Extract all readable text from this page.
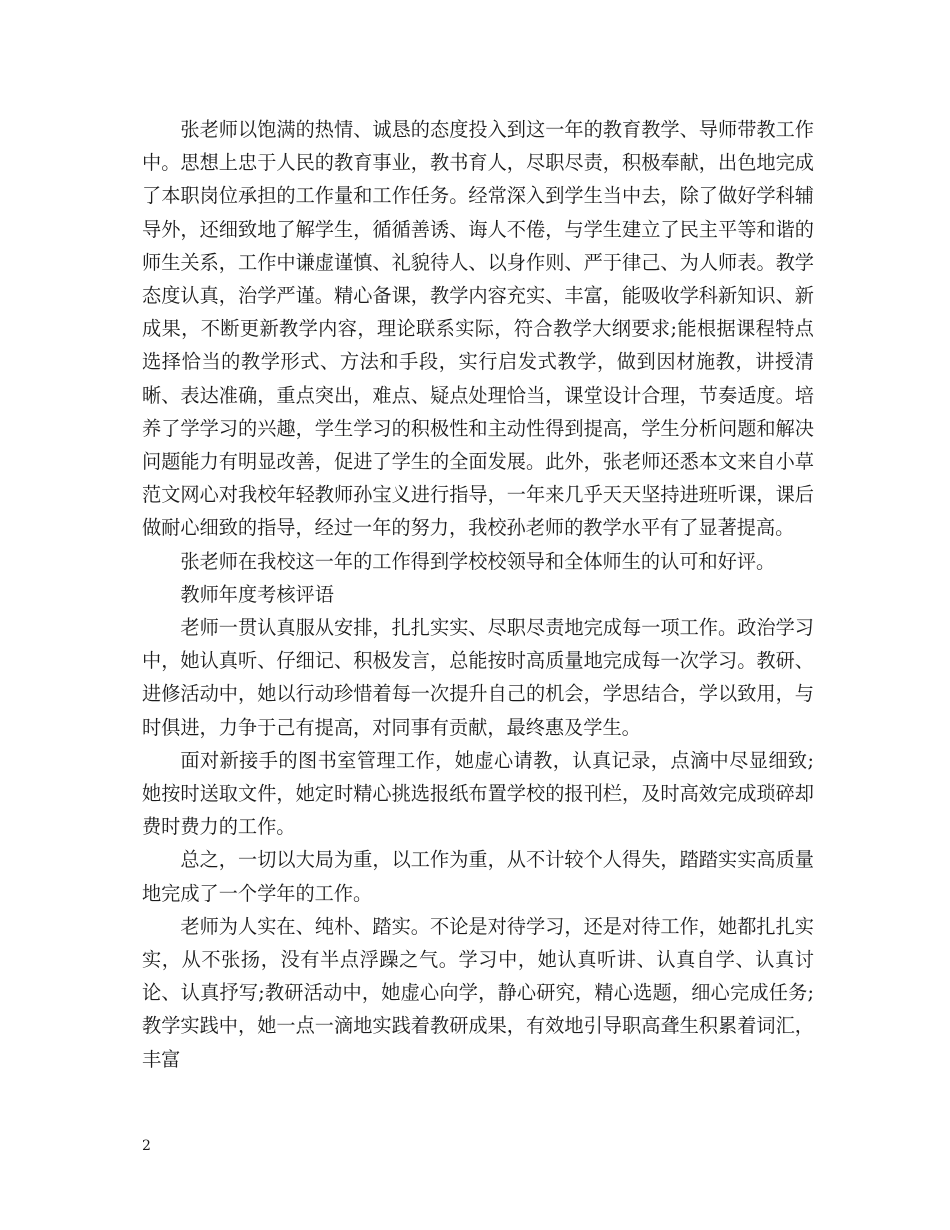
张老师以饱满的热情、诚恳的态度投入到这一年的教育教学、导师带教工作中。思想上忠于人民的教育事业，教书育人，尽职尽责，积极奉献，出色地完成了本职岗位承担的工作量和工作任务。经常深入到学生当中去，除了做好学科辅导外，还细致地了解学生，循循善诱、诲人不倦，与学生建立了民主平等和谐的师生关系，工作中谦虚谨慎、礼貌待人、以身作则、严于律己、为人师表。教学态度认真，治学严谨。精心备课，教学内容充实、丰富，能吸收学科新知识、新成果，不断更新教学内容，理论联系实际，符合教学大纲要求;能根据课程特点选择恰当的教学形式、方法和手段，实行启发式教学，做到因材施教，讲授清晰、表达准确，重点突出，难点、疑点处理恰当，课堂设计合理，节奏适度。培养了学学习的兴趣，学生学习的积极性和主动性得到提高，学生分析问题和解决问题能力有明显改善，促进了学生的全面发展。此外，张老师还悉本文来自小草范文网心对我校年轻教师孙宝义进行指导，一年来几乎天天坚持进班听课，课后做耐心细致的指导，经过一年的努力，我校孙老师的教学水平有了显著提高。

张老师在我校这一年的工作得到学校校领导和全体师生的认可和好评。

教师年度考核评语

老师一贯认真服从安排，扎扎实实、尽职尽责地完成每一项工作。政治学习中，她认真听、仔细记、积极发言，总能按时高质量地完成每一次学习。教研、进修活动中，她以行动珍惜着每一次提升自己的机会，学思结合，学以致用，与时俱进，力争于己有提高，对同事有贡献，最终惠及学生。

面对新接手的图书室管理工作，她虚心请教，认真记录，点滴中尽显细致;她按时送取文件，她定时精心挑选报纸布置学校的报刊栏，及时高效完成琐碎却费时费力的工作。

总之，一切以大局为重，以工作为重，从不计较个人得失，踏踏实实高质量地完成了一个学年的工作。

老师为人实在、纯朴、踏实。不论是对待学习，还是对待工作，她都扎扎实实，从不张扬，没有半点浮躁之气。学习中，她认真听讲、认真自学、认真讨论、认真抒写;教研活动中，她虚心向学，静心研究，精心选题，细心完成任务;教学实践中，她一点一滴地实践着教研成果，有效地引导职高聋生积累着词汇，丰富

2
